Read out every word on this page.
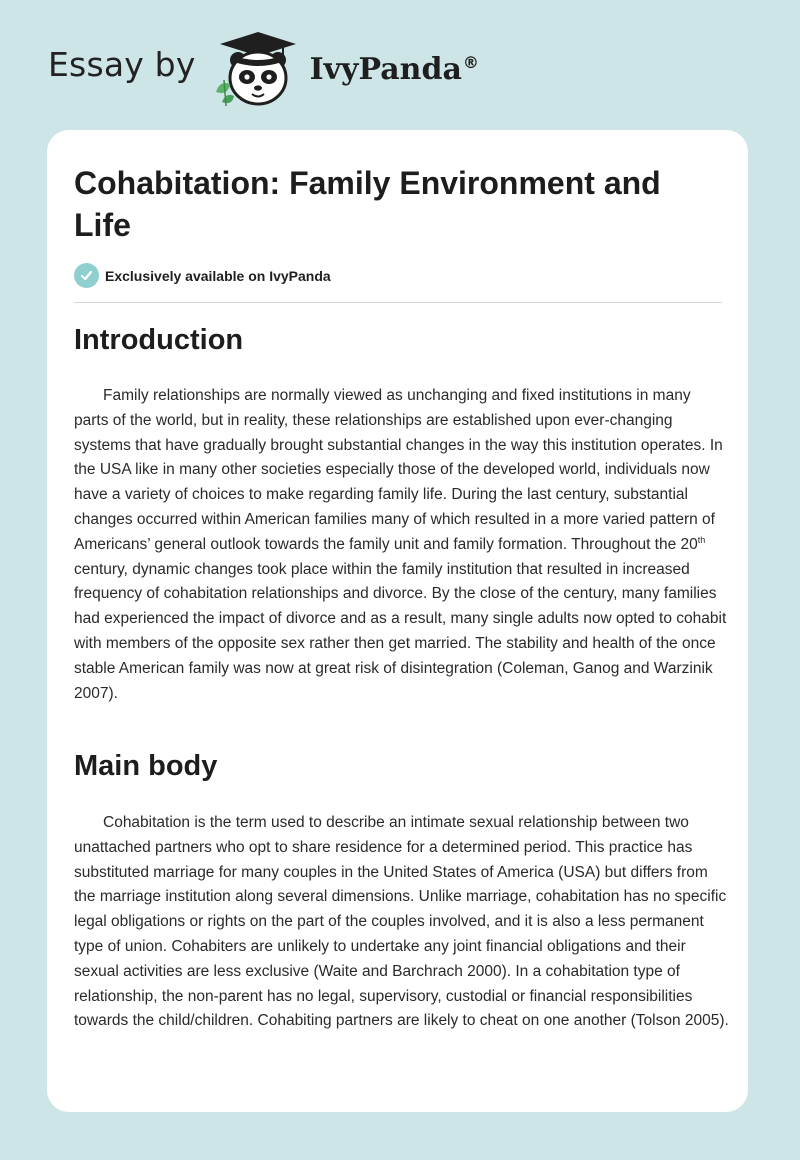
Essay by	IvyPanda®
Cohabitation: Family Environment and Life
Exclusively available on IvyPanda
Introduction

Family relationships are normally viewed as unchanging and fixed institutions in many parts of the world, but in reality, these relationships are established upon ever-changing systems that have gradually brought substantial changes in the way this institution operates. In the USA like in many other societies especially those of the developed world, individuals now have a variety of choices to make regarding family life. During the last century, substantial changes occurred within American families many of which resulted in a more varied pattern of Americans’ general outlook towards the family unit and family formation. Throughout the 20th century, dynamic changes took place within the family institution that resulted in increased frequency of cohabitation relationships and divorce. By the close of the century, many families had experienced the impact of divorce and as a result, many single adults now opted to cohabit with members of the opposite sex rather then get married. The stability and health of the once stable American family was now at great risk of disintegration (Coleman, Ganog and Warzinik 2007).

Main body

Cohabitation is the term used to describe an intimate sexual relationship between two unattached partners who opt to share residence for a determined period. This practice has substituted marriage for many couples in the United States of America (USA) but differs from the marriage institution along several dimensions. Unlike marriage, cohabitation has no specific legal obligations or rights on the part of the couples involved, and it is also a less permanent type of union. Cohabiters are unlikely to undertake any joint financial obligations and their sexual activities are less exclusive (Waite and Barchrach 2000). In a cohabitation type of relationship, the non-parent has no legal, supervisory, custodial or financial responsibilities towards the child/children. Cohabiting partners are likely to cheat on one another (Tolson 2005).
